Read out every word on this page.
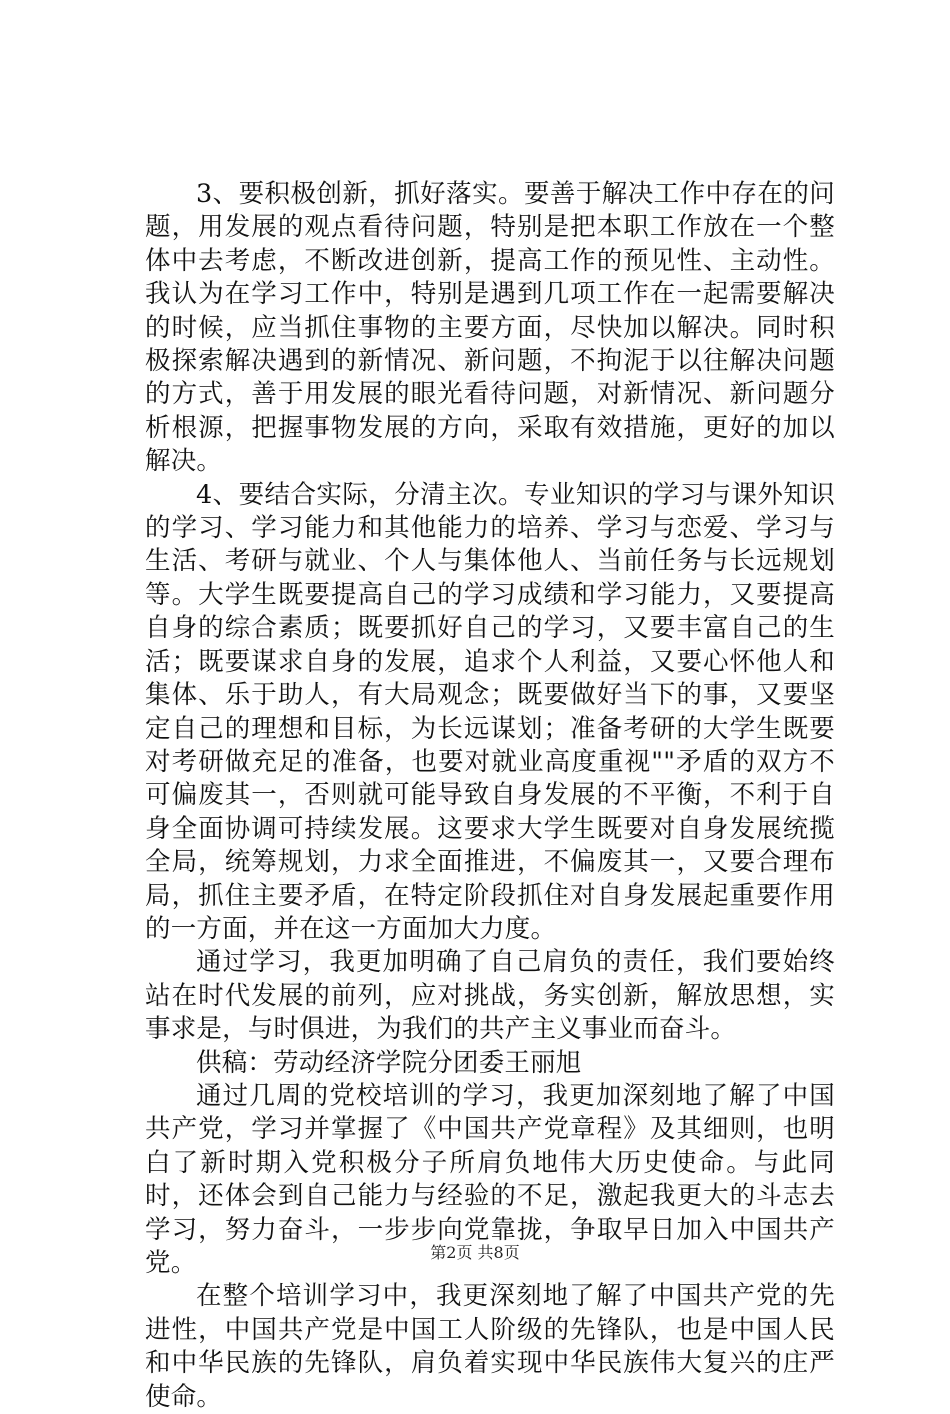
3、要积极创新，抓好落实。要善于解决工作中存在的问题，用发展的观点看待问题，特别是把本职工作放在一个整体中去考虑，不断改进创新，提高工作的预见性、主动性。我认为在学习工作中，特别是遇到几项工作在一起需要解决的时候，应当抓住事物的主要方面，尽快加以解决。同时积极探索解决遇到的新情况、新问题，不拘泥于以往解决问题的方式，善于用发展的眼光看待问题，对新情况、新问题分析根源，把握事物发展的方向，采取有效措施，更好的加以解决。

4、要结合实际，分清主次。专业知识的学习与课外知识的学习、学习能力和其他能力的培养、学习与恋爱、学习与生活、考研与就业、个人与集体他人、当前任务与长远规划等。大学生既要提高自己的学习成绩和学习能力，又要提高自身的综合素质；既要抓好自己的学习，又要丰富自己的生活；既要谋求自身的发展，追求个人利益，又要心怀他人和集体、乐于助人，有大局观念；既要做好当下的事，又要坚定自己的理想和目标，为长远谋划；准备考研的大学生既要对考研做充足的准备，也要对就业高度重视""矛盾的双方不可偏废其一，否则就可能导致自身发展的不平衡，不利于自身全面协调可持续发展。这要求大学生既要对自身发展统揽全局，统筹规划，力求全面推进，不偏废其一，又要合理布局，抓住主要矛盾，在特定阶段抓住对自身发展起重要作用的一方面，并在这一方面加大力度。

通过学习，我更加明确了自己肩负的责任，我们要始终站在时代发展的前列，应对挑战，务实创新，解放思想，实事求是，与时俱进，为我们的共产主义事业而奋斗。

供稿：劳动经济学院分团委王丽旭

通过几周的党校培训的学习，我更加深刻地了解了中国共产党，学习并掌握了《中国共产党章程》及其细则，也明白了新时期入党积极分子所肩负地伟大历史使命。与此同时，还体会到自己能力与经验的不足，激起我更大的斗志去学习，努力奋斗，一步步向党靠拢，争取早日加入中国共产党。

在整个培训学习中，我更深刻地了解了中国共产党的先进性，中国共产党是中国工人阶级的先锋队，也是中国人民和中华民族的先锋队，肩负着实现中华民族伟大复兴的庄严使命。

第2页 共8页
